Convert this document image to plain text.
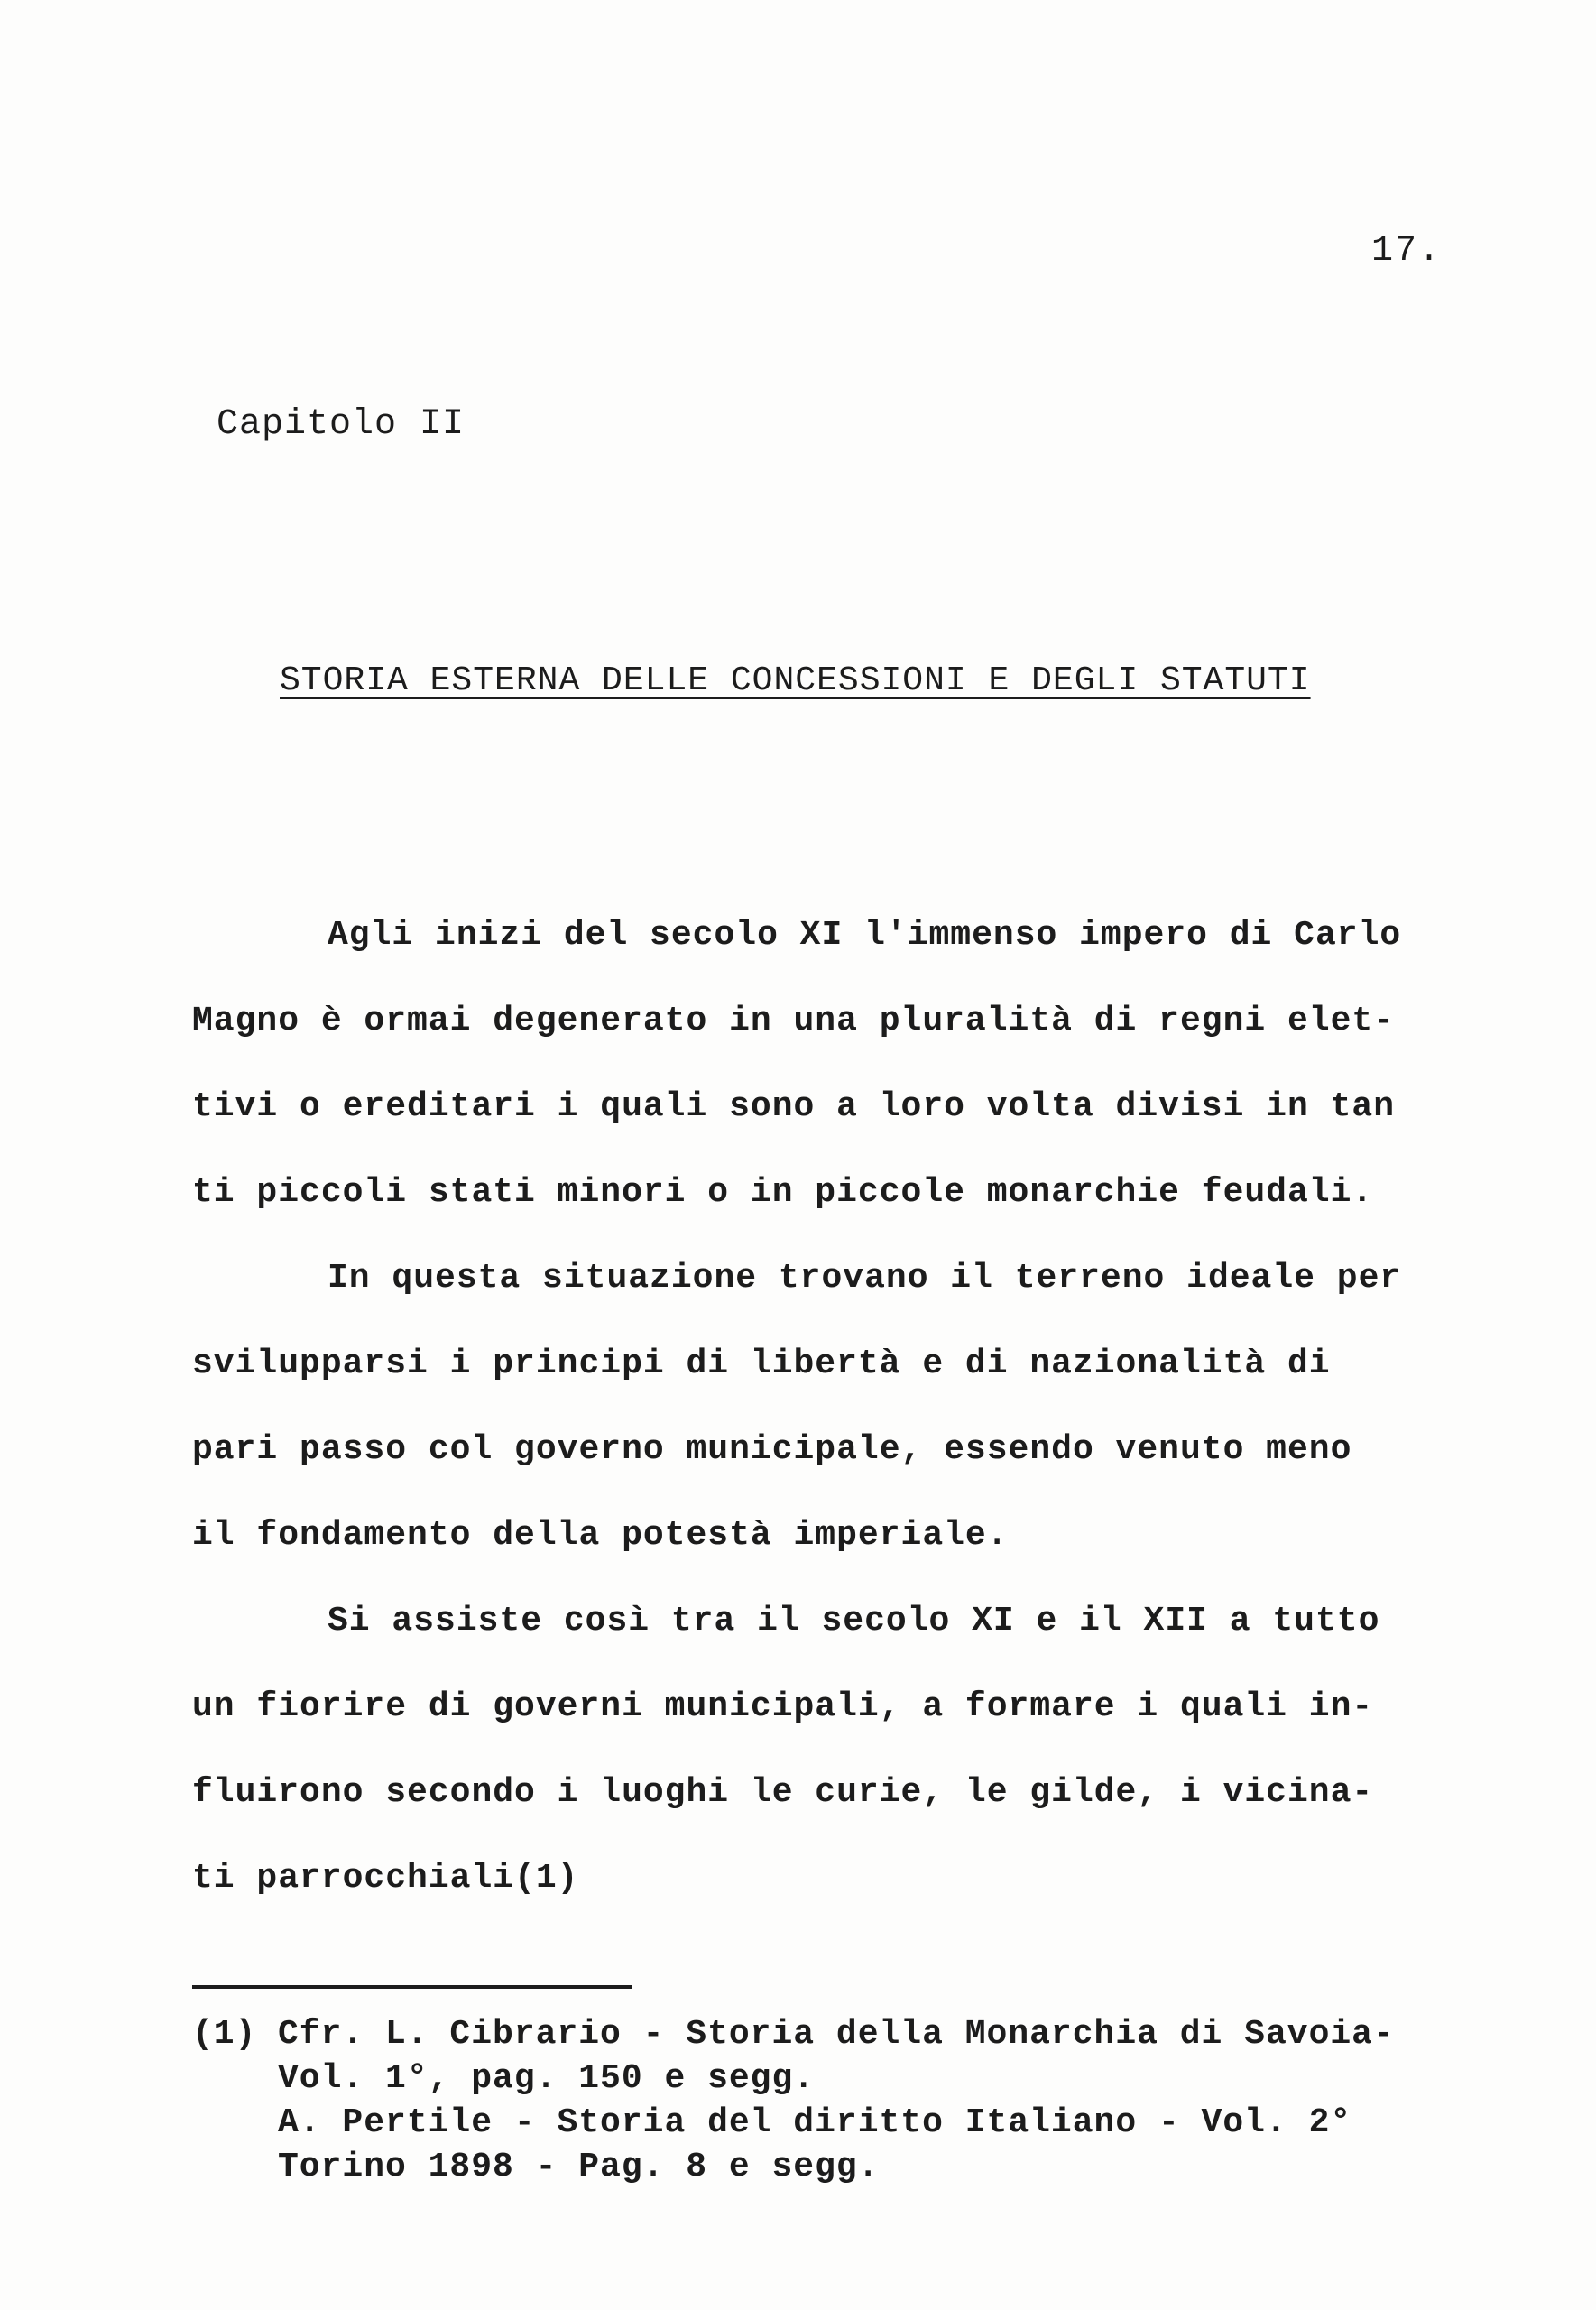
17.
Capitolo II
STORIA ESTERNA DELLE CONCESSIONI E DEGLI STATUTI
Agli inizi del secolo XI l'immenso impero di Carlo
Magno è ormai degenerato in una pluralità di regni elet-
tivi o ereditari i quali sono a loro volta divisi in tan
ti piccoli stati minori o in piccole monarchie feudali.
In questa situazione trovano il terreno ideale per
svilupparsi i principi di libertà e di nazionalità di
pari passo col governo municipale, essendo venuto meno
il fondamento della potestà imperiale.
Si assiste così tra il secolo XI e il XII a tutto
un fiorire di governi municipali, a formare i quali in-
fluirono secondo i luoghi le curie, le gilde, i vicina-
ti parrocchiali(1)
(1) Cfr. L. Cibrario - Storia della Monarchia di Savoia-
Vol. 1°, pag. 150 e segg.
A. Pertile - Storia del diritto Italiano - Vol. 2°
Torino 1898 - Pag. 8 e segg.
